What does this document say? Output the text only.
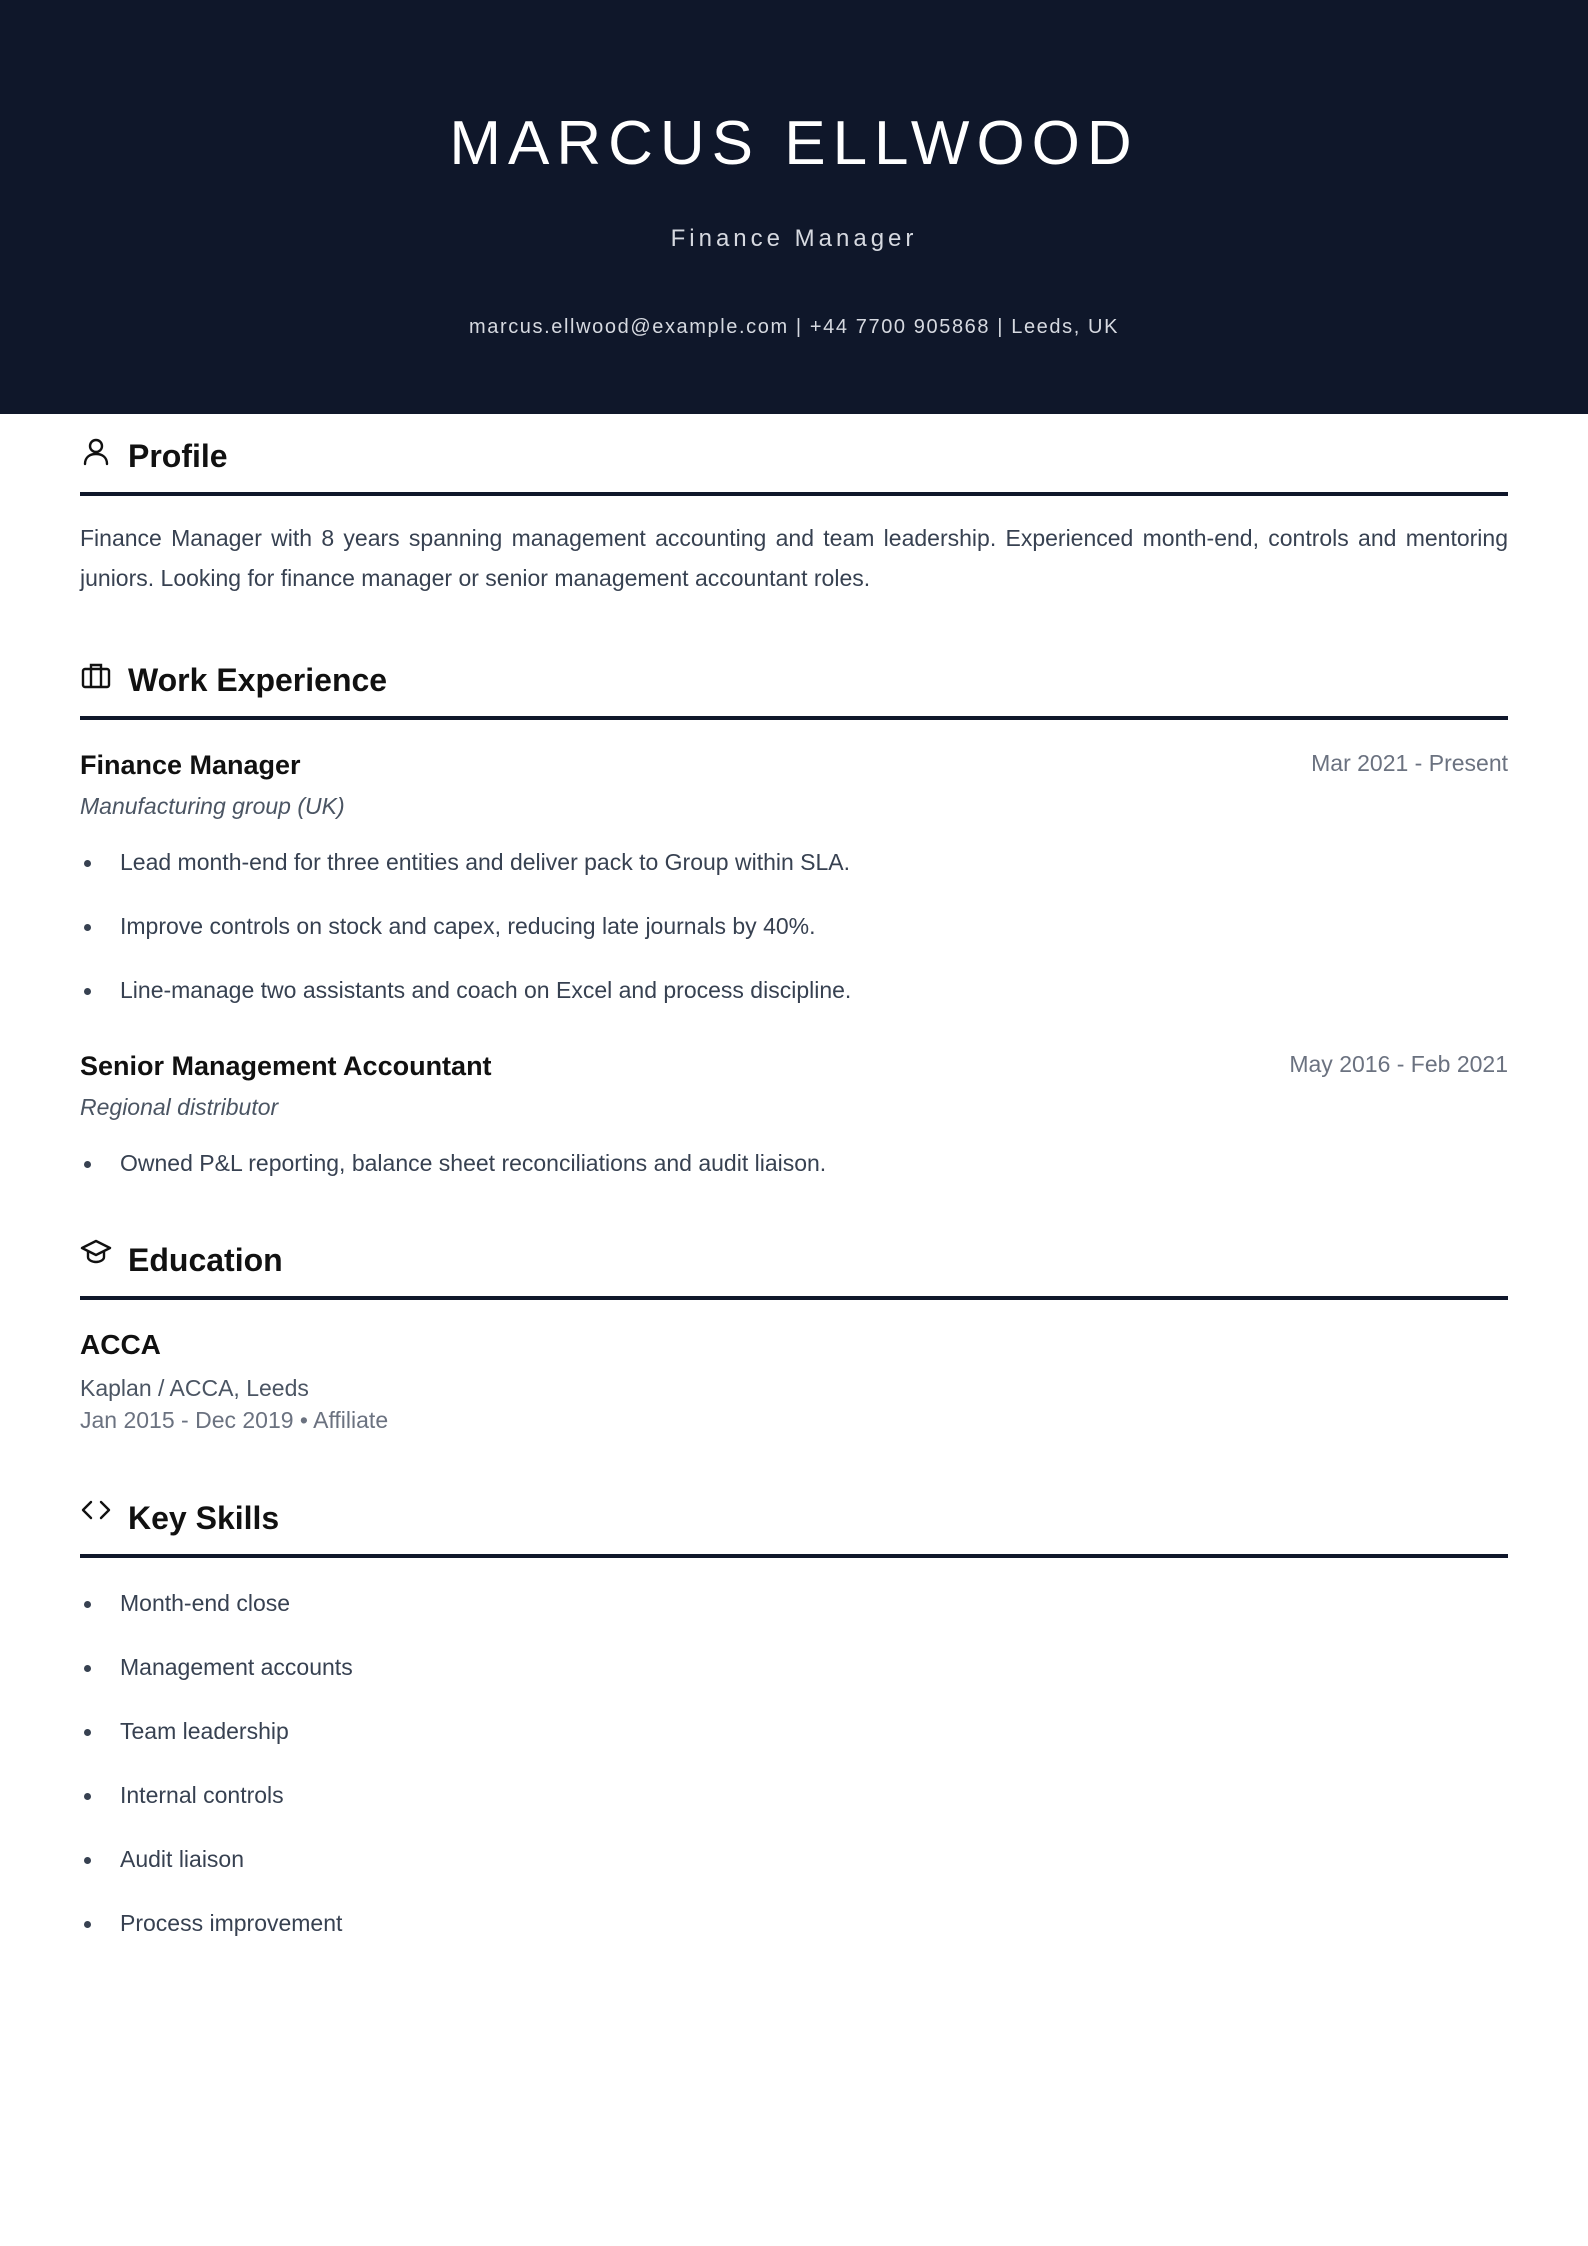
MARCUS ELLWOOD
Finance Manager
marcus.ellwood@example.com | +44 7700 905868 | Leeds, UK
Profile
Finance Manager with 8 years spanning management accounting and team leadership. Experienced month-end, controls and mentoring juniors. Looking for finance manager or senior management accountant roles.
Work Experience
Mar 2021 - Present
Finance Manager
Manufacturing group (UK)
Lead month-end for three entities and deliver pack to Group within SLA.
Improve controls on stock and capex, reducing late journals by 40%.
Line-manage two assistants and coach on Excel and process discipline.
May 2016 - Feb 2021
Senior Management Accountant
Regional distributor
Owned P&L reporting, balance sheet reconciliations and audit liaison.
Education
ACCA
Kaplan / ACCA, Leeds
Jan 2015 - Dec 2019 • Affiliate
Key Skills
Month-end close
Management accounts
Team leadership
Internal controls
Audit liaison
Process improvement
